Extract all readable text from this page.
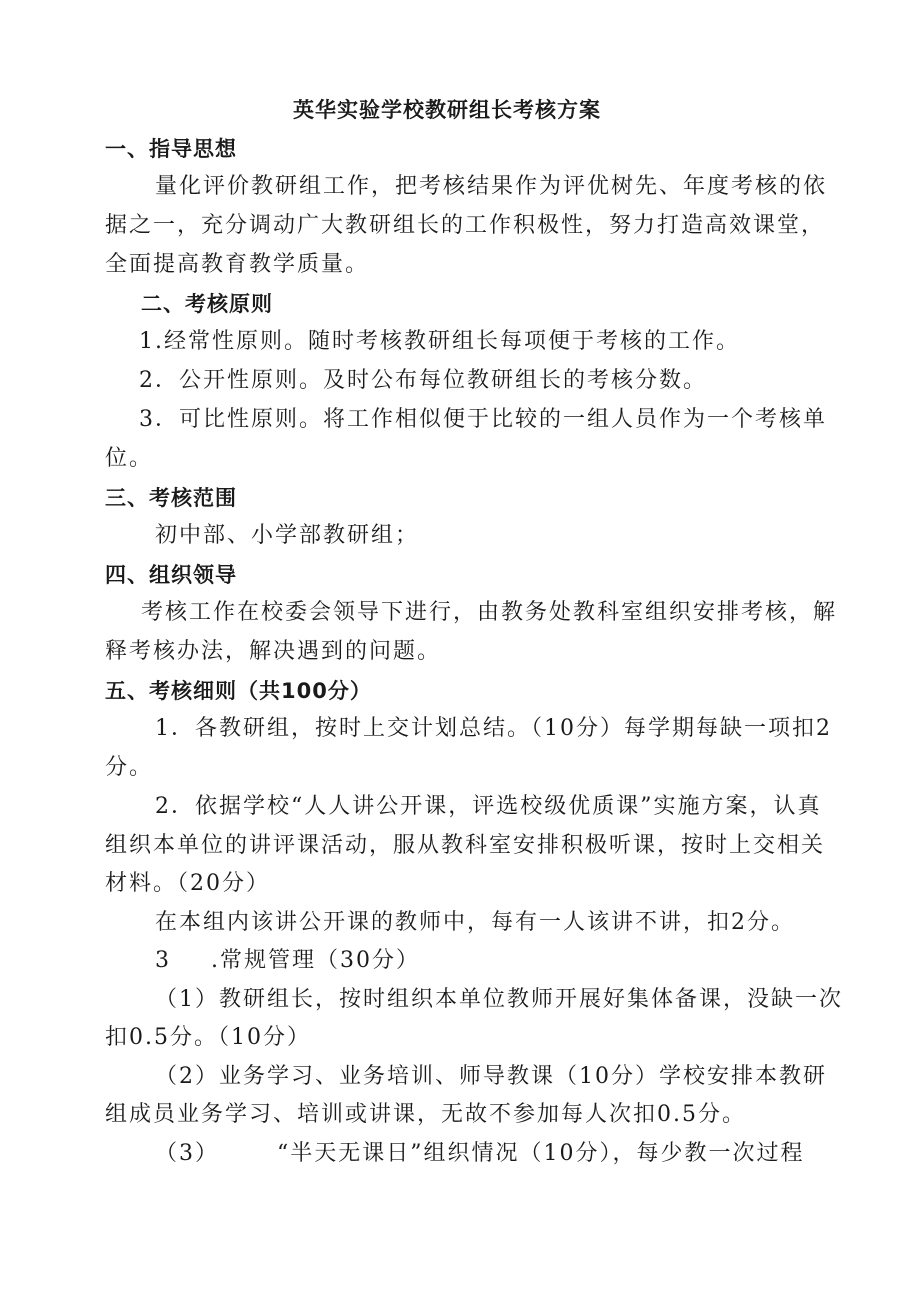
英华实验学校教研组长考核方案
一、指导思想
量化评价教研组工作，把考核结果作为评优树先、年度考核的依
据之一，充分调动广大教研组长的工作积极性，努力打造高效课堂，
全面提高教育教学质量。
二、考核原则
1.经常性原则。随时考核教研组长每项便于考核的工作。
2．公开性原则。及时公布每位教研组长的考核分数。
3．可比性原则。将工作相似便于比较的一组人员作为一个考核单
位。
三、考核范围
初中部、小学部教研组；
四、组织领导
考核工作在校委会领导下进行，由教务处教科室组织安排考核，解
释考核办法，解决遇到的问题。
五、考核细则（共100分）
1．各教研组，按时上交计划总结。（10分）每学期每缺一项扣2
分。
2．依据学校“人人讲公开课，评选校级优质课”实施方案，认真
组织本单位的讲评课活动，服从教科室安排积极听课，按时上交相关
材料。（20分）
在本组内该讲公开课的教师中，每有一人该讲不讲，扣2分。
3 .常规管理（30分）
（1）教研组长，按时组织本单位教师开展好集体备课，没缺一次
扣0.5分。（10分）
（2）业务学习、业务培训、师导教课（10分）学校安排本教研
组成员业务学习、培训或讲课，无故不参加每人次扣0.5分。
（3）	“半天无课日”组织情况（10分），每少教一次过程
